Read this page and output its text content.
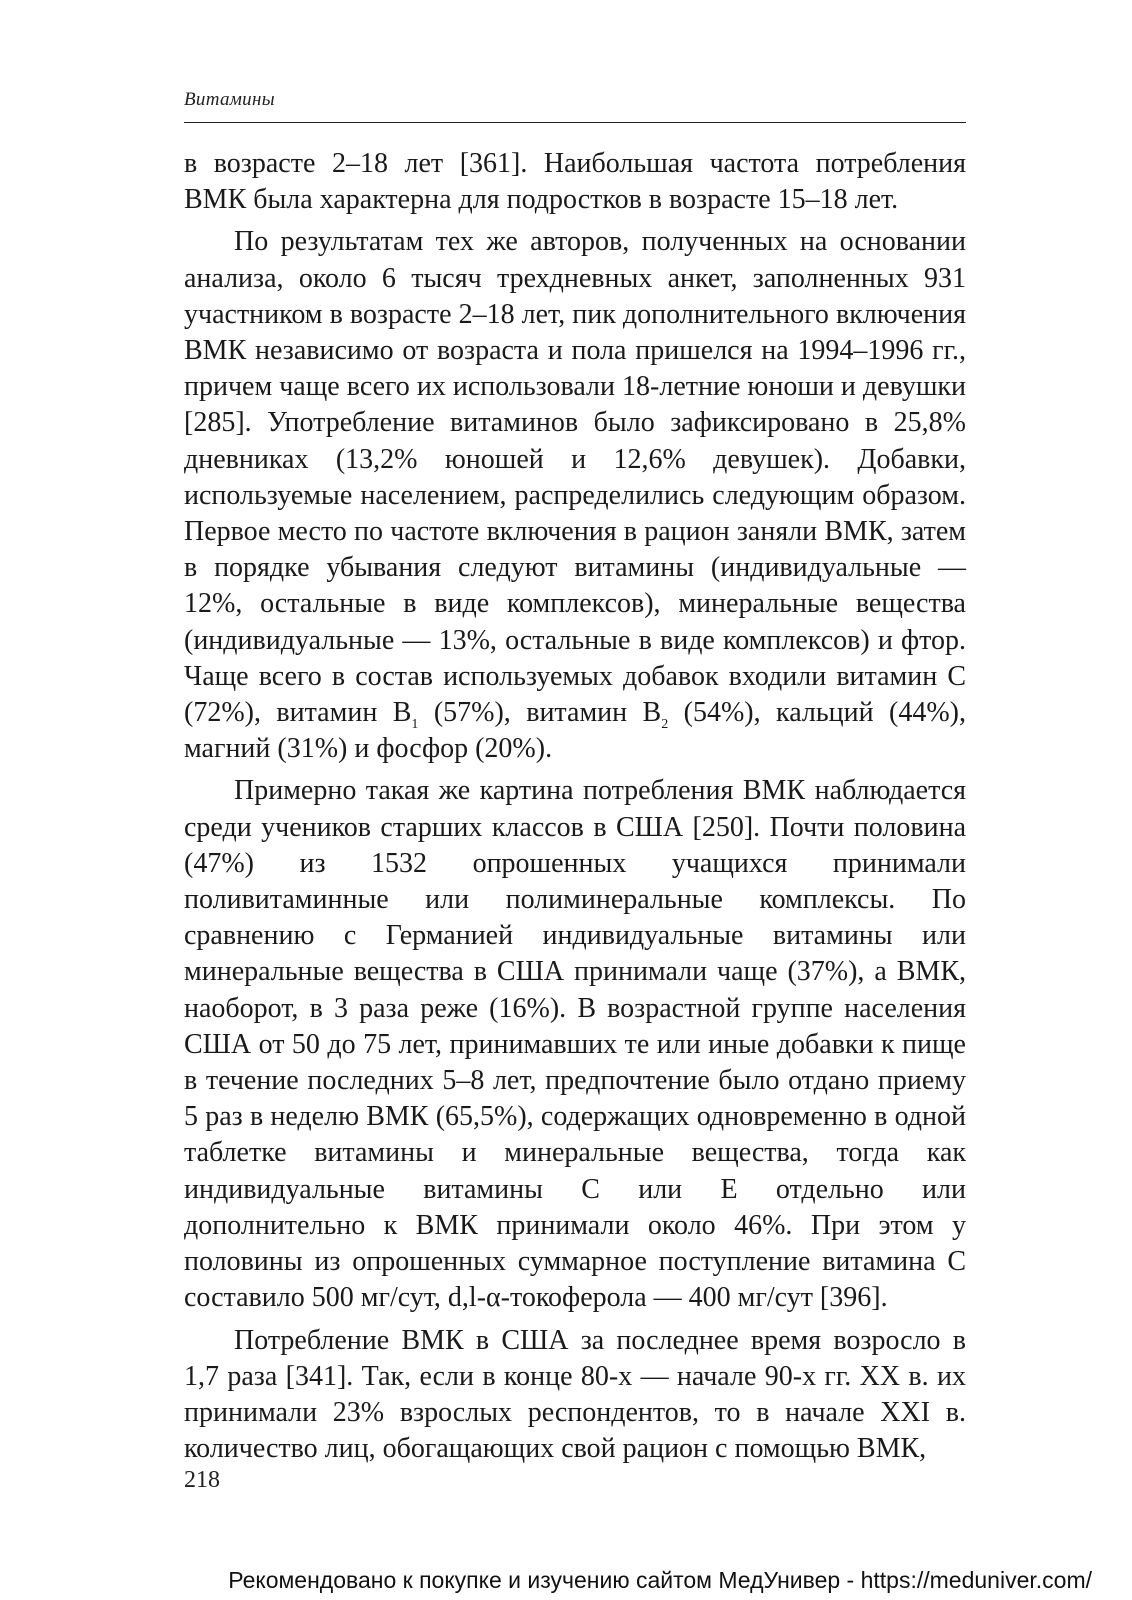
Витамины

в возрасте 2–18 лет [361]. Наибольшая частота потребления ВМК была характерна для подростков в возрасте 15–18 лет.

По результатам тех же авторов, полученных на основании анализа, около 6 тысяч трехдневных анкет, заполненных 931 участником в возрасте 2–18 лет, пик дополнительного включения ВМК независимо от возраста и пола пришелся на 1994–1996 гг., причем чаще всего их использовали 18-летние юноши и девушки [285]. Употребление витаминов было зафиксировано в 25,8% дневниках (13,2% юношей и 12,6% девушек). Добавки, используемые населением, распределились следующим образом. Первое место по частоте включения в рацион заняли ВМК, затем в порядке убывания следуют витамины (индивидуальные — 12%, остальные в виде комплексов), минеральные вещества (индивидуальные — 13%, остальные в виде комплексов) и фтор. Чаще всего в состав используемых добавок входили витамин С (72%), витамин $В_1$ (57%), витамин $В_2$ (54%), кальций (44%), магний (31%) и фосфор (20%).

Примерно такая же картина потребления ВМК наблюдается среди учеников старших классов в США [250]. Почти половина (47%) из 1532 опрошенных учащихся принимали поливитаминные или полиминеральные комплексы. По сравнению с Германией индивидуальные витамины или минеральные вещества в США принимали чаще (37%), а ВМК, наоборот, в 3 раза реже (16%). В возрастной группе населения США от 50 до 75 лет, принимавших те или иные добавки к пище в течение последних 5–8 лет, предпочтение было отдано приему 5 раз в неделю ВМК (65,5%), содержащих одновременно в одной таблетке витамины и минеральные вещества, тогда как индивидуальные витамины С или Е отдельно или дополнительно к ВМК принимали около 46%. При этом у половины из опрошенных суммарное поступление витамина С составило 500 мг/сут, d,l-α-токоферола — 400 мг/сут [396].

Потребление ВМК в США за последнее время возросло в 1,7 раза [341]. Так, если в конце 80-х — начале 90-х гг. XX в. их принимали 23% взрослых респондентов, то в начале XXI в. количество лиц, обогащающих свой рацион с помощью ВМК,

218
Рекомендовано к покупке и изучению сайтом МедУнивер - https://meduniver.com/
